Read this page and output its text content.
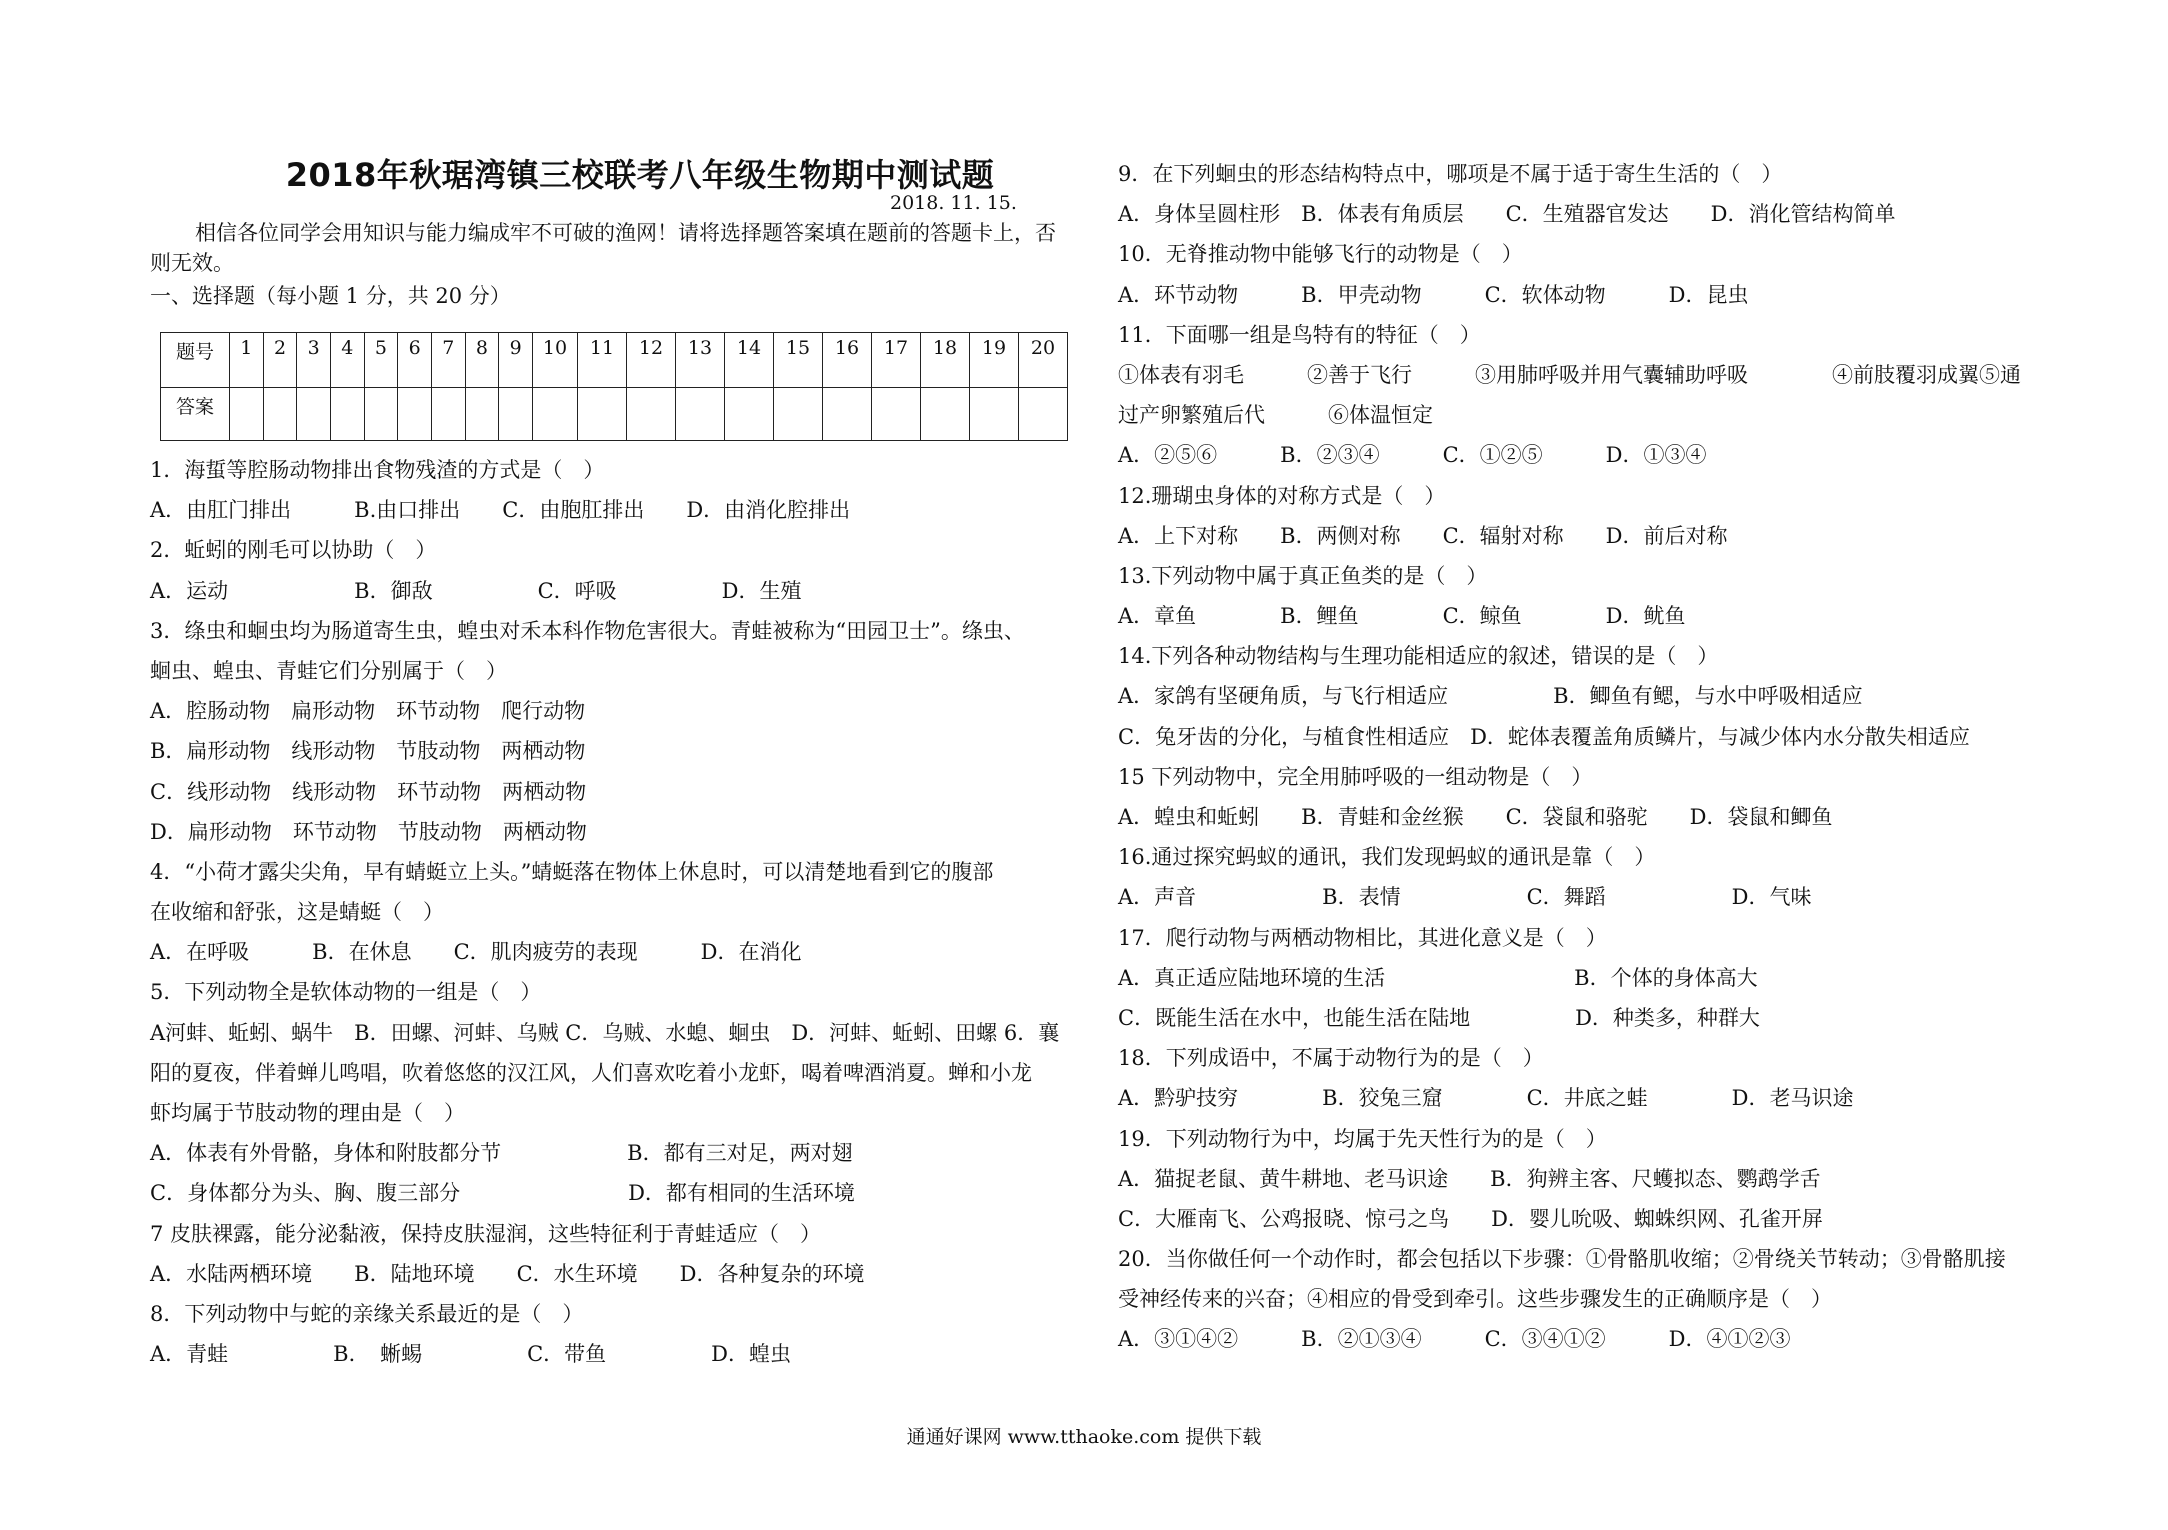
2018年秋琚湾镇三校联考八年级生物期中测试题
2018. 11. 15.
相信各位同学会用知识与能力编成牢不可破的渔网！请将选择题答案填在题前的答题卡上，否则无效。
一、选择题（每小题 1 分，共 20 分）
题号	1	2	3	4	5	6	7	8	9	10	11	12	13	14	15	16	17	18	19	20
答案																				
1．海蜇等腔肠动物排出食物残渣的方式是（　）
A．由肛门排出　　　B.由口排出　　C．由胞肛排出　　D．由消化腔排出
2．蚯蚓的刚毛可以协助（　）
A．运动　　　　　　B．御敌　　　　　C．呼吸　　　　　D．生殖
3．绦虫和蛔虫均为肠道寄生虫，蝗虫对禾本科作物危害很大。青蛙被称为“田园卫士”。绦虫、
蛔虫、蝗虫、青蛙它们分别属于（　）
A．腔肠动物　扁形动物　环节动物　爬行动物
B．扁形动物　线形动物　节肢动物　两栖动物
C．线形动物　线形动物　环节动物　两栖动物
D．扁形动物　环节动物　节肢动物　两栖动物
4．“小荷才露尖尖角，早有蜻蜓立上头。”蜻蜓落在物体上休息时，可以清楚地看到它的腹部
在收缩和舒张，这是蜻蜓（　）
A．在呼吸　　　B．在休息　　C．肌肉疲劳的表现　　　D．在消化
5．下列动物全是软体动物的一组是（　）
A河蚌、蚯蚓、蜗牛　B．田螺、河蚌、乌贼 C．乌贼、水螅、蛔虫　D．河蚌、蚯蚓、田螺 6．襄
阳的夏夜，伴着蝉儿鸣唱，吹着悠悠的汉江风，人们喜欢吃着小龙虾，喝着啤酒消夏。蝉和小龙
虾均属于节肢动物的理由是（　）
A．体表有外骨骼，身体和附肢都分节　　　　　　B．都有三对足，两对翅
C．身体都分为头、胸、腹三部分　　　　　　　　D．都有相同的生活环境
7 皮肤裸露，能分泌黏液，保持皮肤湿润，这些特征利于青蛙适应（　）
A．水陆两栖环境　　B．陆地环境　　C．水生环境　　D．各种复杂的环境
8．下列动物中与蛇的亲缘关系最近的是（　）
A．青蛙　　　　　B．　蜥蜴　　　　　C．带鱼　　　　　D．蝗虫
9．在下列蛔虫的形态结构特点中，哪项是不属于适于寄生生活的（　）
A．身体呈圆柱形　B．体表有角质层　　C．生殖器官发达　　D．消化管结构简单
10．无脊推动物中能够飞行的动物是（　）
A．环节动物　　　B．甲壳动物　　　C．软体动物　　　D．昆虫
11．下面哪一组是鸟特有的特征（　）
①体表有羽毛　　　②善于飞行　　　③用肺呼吸并用气囊辅助呼吸　　　　④前肢覆羽成翼⑤通
过产卵繁殖后代　　　⑥体温恒定
A．②⑤⑥　　　B．②③④　　　C．①②⑤　　　D．①③④
12.珊瑚虫身体的对称方式是（　）
A．上下对称　　B．两侧对称　　C．辐射对称　　D．前后对称
13.下列动物中属于真正鱼类的是（　）
A．章鱼　　　　B．鲤鱼　　　　C．鲸鱼　　　　D．鱿鱼
14.下列各种动物结构与生理功能相适应的叙述，错误的是（　）
A．家鸽有坚硬角质，与飞行相适应　　　　　B．鲫鱼有鳃，与水中呼吸相适应
C．兔牙齿的分化，与植食性相适应　D．蛇体表覆盖角质鳞片，与减少体内水分散失相适应
15 下列动物中，完全用肺呼吸的一组动物是（　）
A．蝗虫和蚯蚓　　B．青蛙和金丝猴　　C．袋鼠和骆驼　　D．袋鼠和鲫鱼
16.通过探究蚂蚁的通讯，我们发现蚂蚁的通讯是靠（　）
A．声音　　　　　　B．表情　　　　　　C．舞蹈　　　　　　D．气味
17．爬行动物与两栖动物相比，其进化意义是（　）
A．真正适应陆地环境的生活　　　　　　　　　B．个体的身体高大
C．既能生活在水中，也能生活在陆地　　　　　D．种类多，种群大
18．下列成语中，不属于动物行为的是（　）
A．黔驴技穷　　　　B．狡兔三窟　　　　C．井底之蛙　　　　D．老马识途
19．下列动物行为中，均属于先天性行为的是（　）
A．猫捉老鼠、黄牛耕地、老马识途　　B．狗辨主客、尺蠖拟态、鹦鹉学舌
C．大雁南飞、公鸡报晓、惊弓之鸟　　D．婴儿吮吸、蜘蛛织网、孔雀开屏
20．当你做任何一个动作时，都会包括以下步骤：①骨骼肌收缩；②骨绕关节转动；③骨骼肌接
受神经传来的兴奋；④相应的骨受到牵引。这些步骤发生的正确顺序是（　）
A．③①④②　　　B．②①③④　　　C．③④①②　　　D．④①②③
通通好课网 www.tthaoke.com 提供下载
